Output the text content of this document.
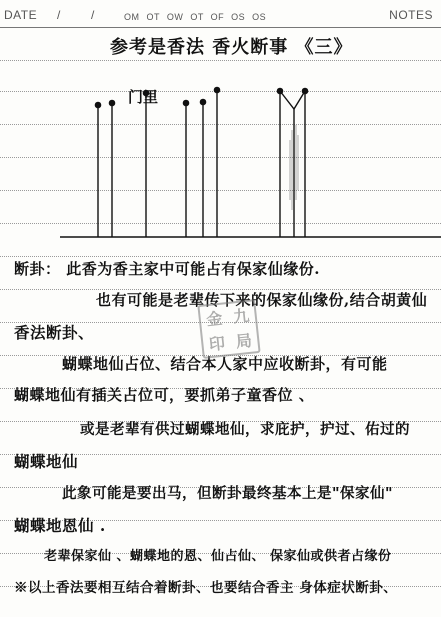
DATE /	/	OM OT OW OT OF OS OS	NOTES
参考是香法 香火断事 《三》
门里
断卦： 此香为香主家中可能占有保家仙缘份.
也有可能是老辈传下来的保家仙缘份,结合胡黄仙
香法断卦、
蝴蝶地仙占位、结合本人家中应收断卦，有可能
蝴蝶地仙有插关占位可，要抓弟子童香位 、
或是老辈有供过蝴蝶地仙，求庇护，护过、佑过的
蝴蝶地仙
此象可能是要出马，但断卦最终基本上是"保家仙"
蝴蝶地恩仙 .
老辈保家仙 、蝴蝶地的恩、仙占仙、 保家仙或供者占缘份
※以上香法要相互结合着断卦、也要结合香主 身体症状断卦、
金 九
印 局
